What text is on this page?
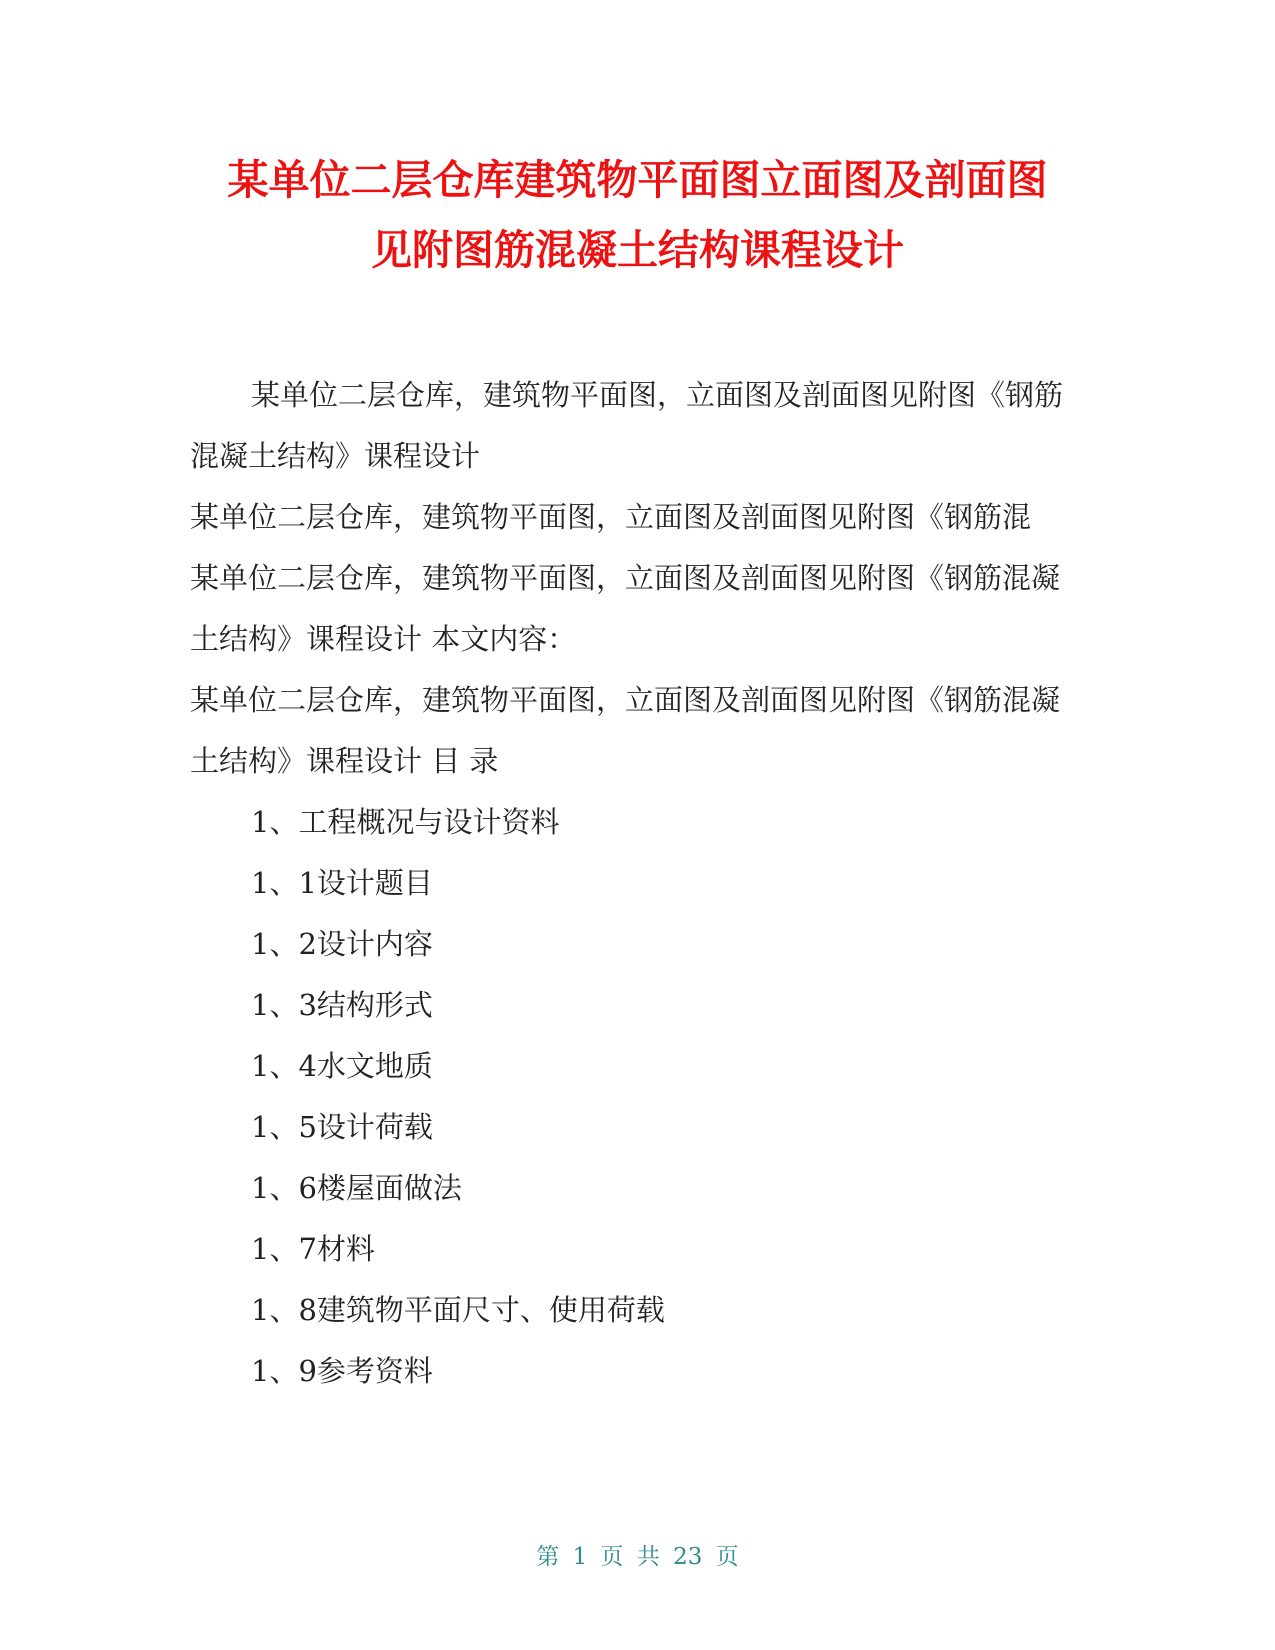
某单位二层仓库建筑物平面图立面图及剖面图
见附图筋混凝土结构课程设计

某单位二层仓库，建筑物平面图，立面图及剖面图见附图《钢筋混凝土结构》课程设计

某单位二层仓库，建筑物平面图，立面图及剖面图见附图《钢筋混

某单位二层仓库，建筑物平面图，立面图及剖面图见附图《钢筋混凝土结构》课程设计 本文内容：

某单位二层仓库，建筑物平面图，立面图及剖面图见附图《钢筋混凝土结构》课程设计 目 录

1、工程概况与设计资料

1、1设计题目

1、2设计内容

1、3结构形式

1、4水文地质

1、5设计荷载

1、6楼屋面做法

1、7材料

1、8建筑物平面尺寸、使用荷载

1、9参考资料

第 1 页 共 23 页
